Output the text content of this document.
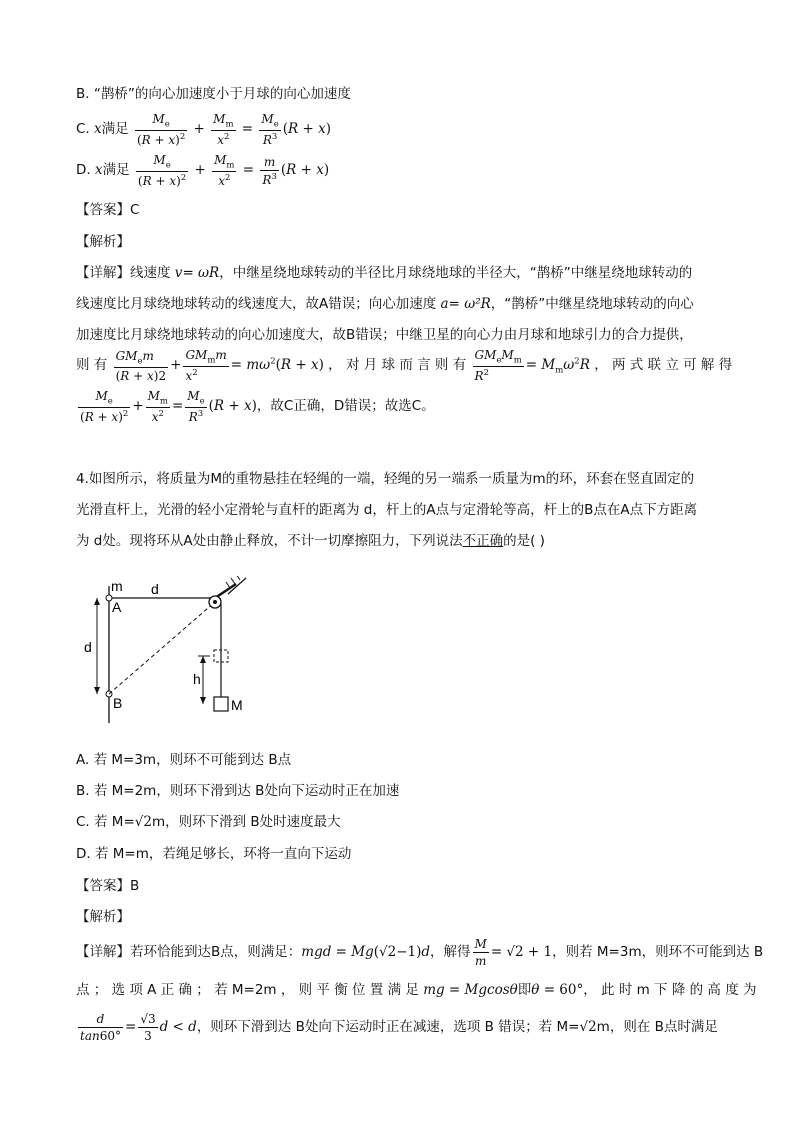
B. “鹊桥”的向心加速度小于月球的向心加速度
C. x满足 $\frac{M_e}{(R + x)^2} + \frac{M_m}{x^2} = \frac{M_e}{R^3} (R + x)$
D. x满足 $\frac{M_e}{(R + x)^2} + \frac{M_m}{x^2} = \frac{m}{R^3} (R + x)$
【答案】C
【解析】
【详解】线速度 v= ωR，中继星绕地球转动的半径比月球绕地球的半径大，“鹊桥”中继星绕地球转动的
线速度比月球绕地球转动的线速度大，故A错误；向心加速度 a= ω²R，“鹊桥”中继星绕地球转动的向心
加速度比月球绕地球转动的向心加速度大，故B错误；中继卫星的向心力由月球和地球引力的合力提供，
则 有 $\frac{GM_em}{(R + x)2} + \frac{GM_mm}{x^2} = m\omega^2(R + x)$ ， 对 月 球 而 言 则 有 $\frac{GM_eM_m}{R^2} = M_m\omega^2R$ ， 两 式 联 立 可 解 得
$\frac{M_e}{(R + x)^2} + \frac{M_m}{x^2} = \frac{M_e}{R^3} (R + x)$，故C正确，D错误；故选C。
4.如图所示，将质量为M的重物悬挂在轻绳的一端，轻绳的另一端系一质量为m的环，环套在竖直固定的
光滑直杆上，光滑的轻小定滑轮与直杆的距离为 d，杆上的A点与定滑轮等高，杆上的B点在A点下方距离
为 d处。现将环从A处由静止释放，不计一切摩擦阻力，下列说法不正确的是( )
m
A
d
d
h
B	M
A. 若 M=3m，则环不可能到达 B点
B. 若 M=2m，则环下滑到达 B处向下运动时正在加速
C. 若 M=√2m，则环下滑到 B处时速度最大
D. 若 M=m，若绳足够长，环将一直向下运动
【答案】B
【解析】
【详解】若环恰能到达B点，则满足：mgd = Mg(√2−1)d，解得 $\frac{M}{m} = √2 + 1$，则若 M=3m，则环不可能到达 B
点 ； 选 项 A 正 确 ； 若 M=2m ， 则 平 衡 位 置 满 足 mg = Mgcosθ即θ = 60°， 此 时 m 下 降 的 高 度 为
$\frac{d}{\tan 60^\circ} = \frac{√3}{3}$ d < d，则环下滑到达 B处向下运动时正在减速，选项 B 错误；若 M=√2m，则在 B点时满足
